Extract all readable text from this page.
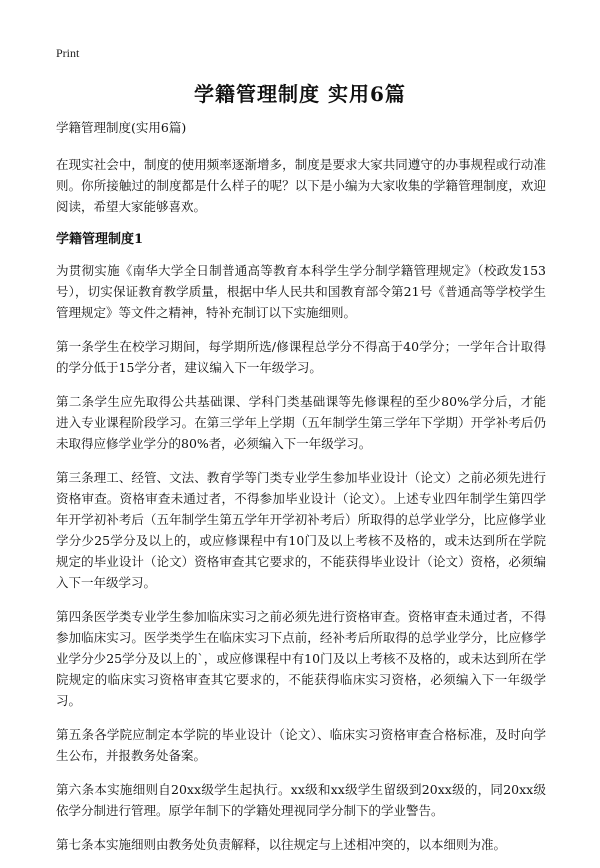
Print
学籍管理制度 实用6篇
学籍管理制度(实用6篇)

在现实社会中，制度的使用频率逐渐增多，制度是要求大家共同遵守的办事规程或行动准则。你所接触过的制度都是什么样子的呢？以下是小编为大家收集的学籍管理制度，欢迎阅读，希望大家能够喜欢。

学籍管理制度1

为贯彻实施《南华大学全日制普通高等教育本科学生学分制学籍管理规定》（校政发153号），切实保证教育教学质量，根据中华人民共和国教育部令第21号《普通高等学校学生管理规定》等文件之精神，特补充制订以下实施细则。

第一条学生在校学习期间，每学期所选/修课程总学分不得高于40学分；一学年合计取得的学分低于15学分者，建议编入下一年级学习。

第二条学生应先取得公共基础课、学科门类基础课等先修课程的至少80%学分后，才能进入专业课程阶段学习。在第三学年上学期（五年制学生第三学年下学期）开学补考后仍未取得应修学业学分的80%者，必须编入下一年级学习。

第三条理工、经管、文法、教育学等门类专业学生参加毕业设计（论文）之前必须先进行资格审查。资格审查未通过者，不得参加毕业设计（论文）。上述专业四年制学生第四学年开学初补考后（五年制学生第五学年开学初补考后）所取得的总学业学分，比应修学业学分少25学分及以上的，或应修课程中有10门及以上考核不及格的，或未达到所在学院规定的毕业设计（论文）资格审查其它要求的，不能获得毕业设计（论文）资格，必须编入下一年级学习。

第四条医学类专业学生参加临床实习之前必须先进行资格审查。资格审查未通过者，不得参加临床实习。医学类学生在临床实习下点前，经补考后所取得的总学业学分，比应修学业学分少25学分及以上的`，或应修课程中有10门及以上考核不及格的，或未达到所在学院规定的临床实习资格审查其它要求的，不能获得临床实习资格，必须编入下一年级学习。

第五条各学院应制定本学院的毕业设计（论文）、临床实习资格审查合格标准，及时向学生公布，并报教务处备案。

第六条本实施细则自20xx级学生起执行。xx级和xx级学生留级到20xx级的，同20xx级依学分制进行管理。原学年制下的学籍处理视同学分制下的学业警告。

第七条本实施细则由教务处负责解释，以往规定与上述相冲突的，以本细则为准。
